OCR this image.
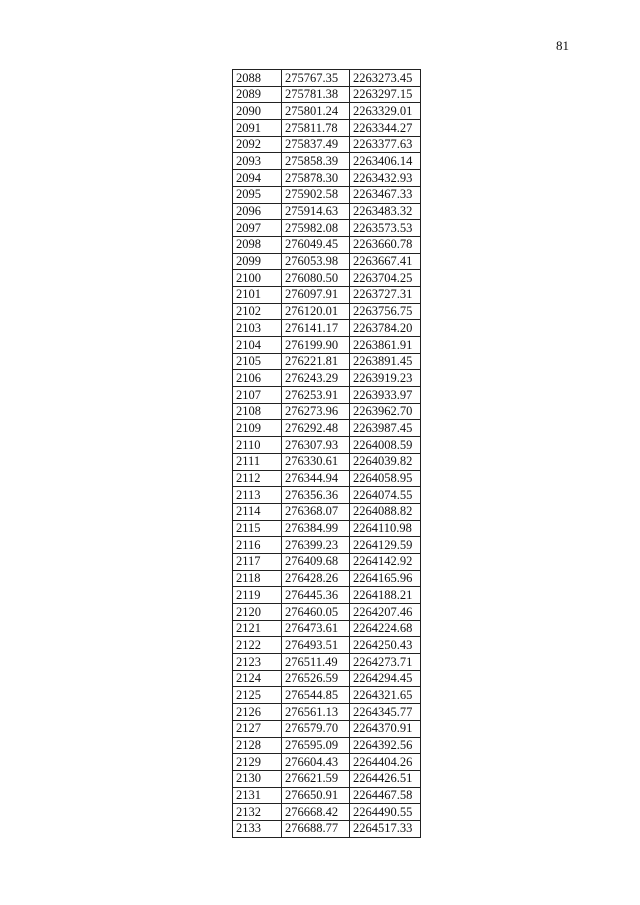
81
2088	275767.35	2263273.45
2089	275781.38	2263297.15
2090	275801.24	2263329.01
2091	275811.78	2263344.27
2092	275837.49	2263377.63
2093	275858.39	2263406.14
2094	275878.30	2263432.93
2095	275902.58	2263467.33
2096	275914.63	2263483.32
2097	275982.08	2263573.53
2098	276049.45	2263660.78
2099	276053.98	2263667.41
2100	276080.50	2263704.25
2101	276097.91	2263727.31
2102	276120.01	2263756.75
2103	276141.17	2263784.20
2104	276199.90	2263861.91
2105	276221.81	2263891.45
2106	276243.29	2263919.23
2107	276253.91	2263933.97
2108	276273.96	2263962.70
2109	276292.48	2263987.45
2110	276307.93	2264008.59
2111	276330.61	2264039.82
2112	276344.94	2264058.95
2113	276356.36	2264074.55
2114	276368.07	2264088.82
2115	276384.99	2264110.98
2116	276399.23	2264129.59
2117	276409.68	2264142.92
2118	276428.26	2264165.96
2119	276445.36	2264188.21
2120	276460.05	2264207.46
2121	276473.61	2264224.68
2122	276493.51	2264250.43
2123	276511.49	2264273.71
2124	276526.59	2264294.45
2125	276544.85	2264321.65
2126	276561.13	2264345.77
2127	276579.70	2264370.91
2128	276595.09	2264392.56
2129	276604.43	2264404.26
2130	276621.59	2264426.51
2131	276650.91	2264467.58
2132	276668.42	2264490.55
2133	276688.77	2264517.33
